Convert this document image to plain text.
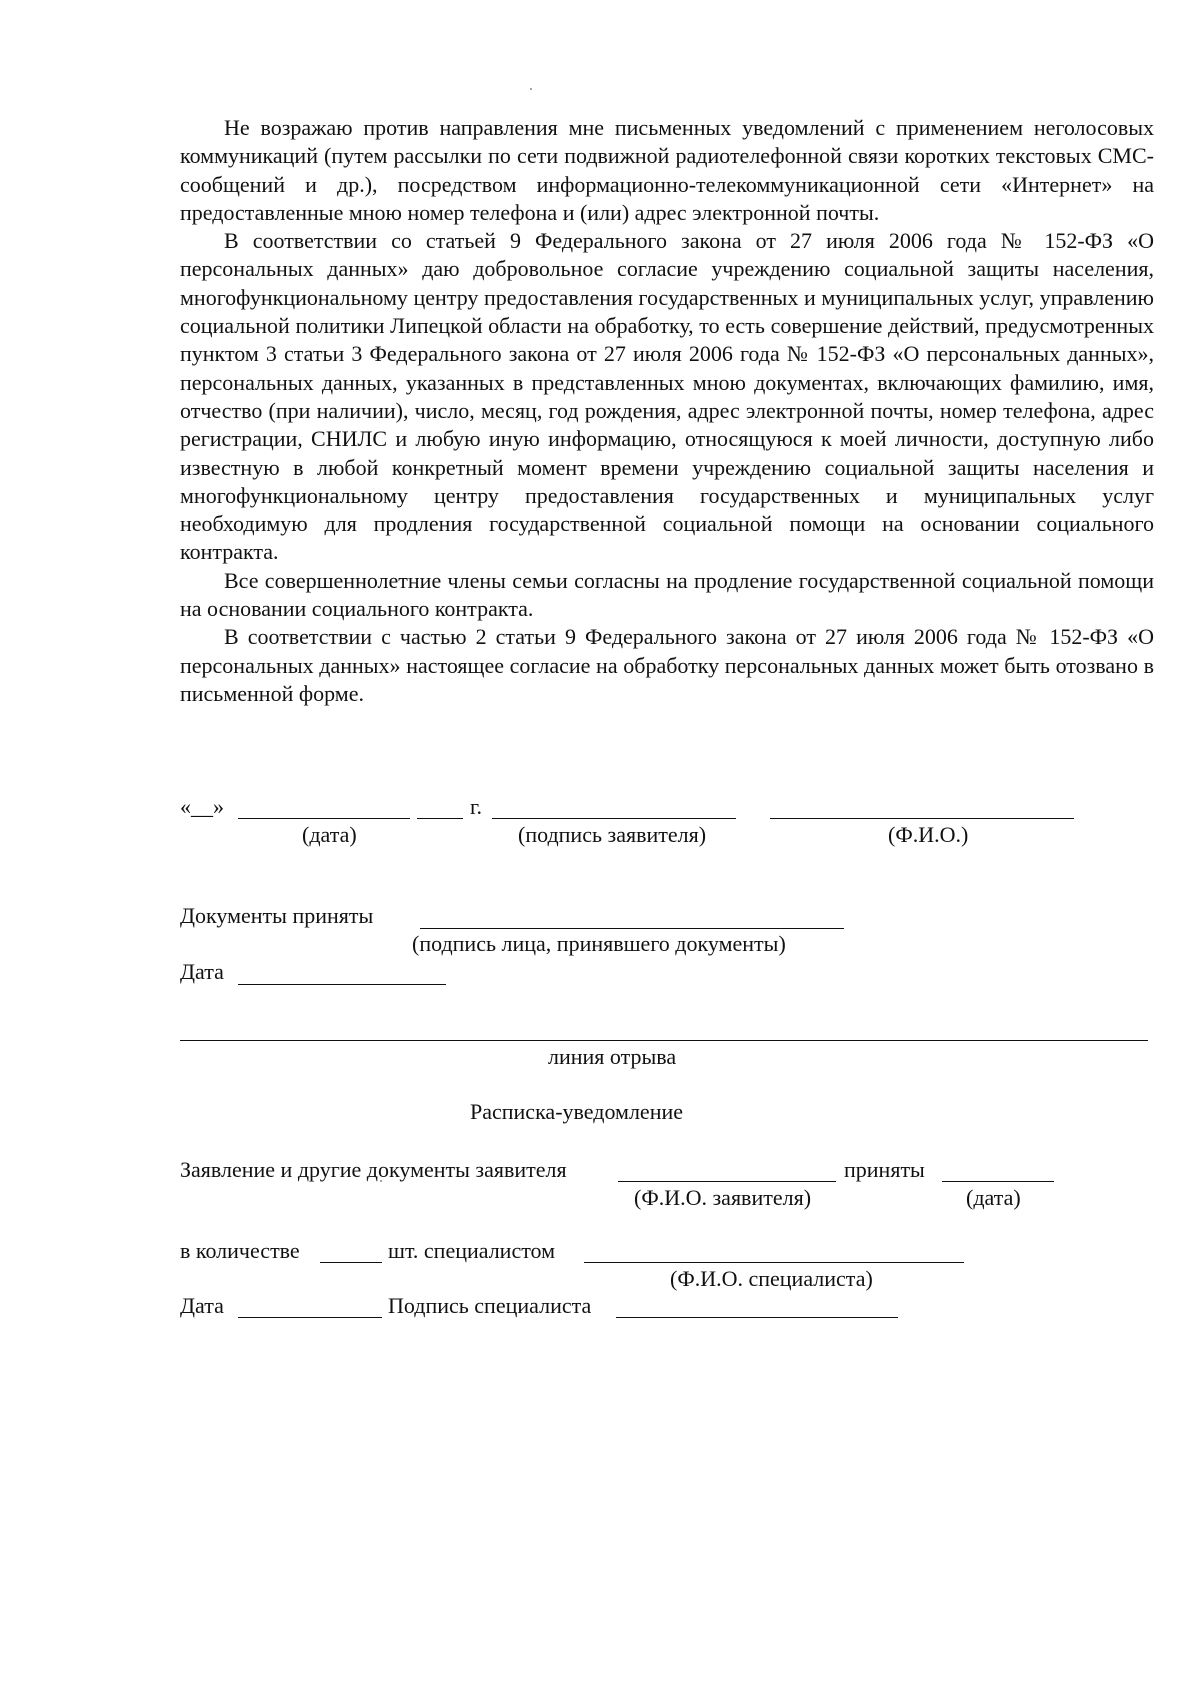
Не возражаю против направления мне письменных уведомлений с применением неголосовых коммуникаций (путем рассылки по сети подвижной радиотелефонной связи коротких текстовых СМС-сообщений и др.), посредством информационно-телекоммуникационной сети «Интернет» на предоставленные мною номер телефона и (или) адрес электронной почты.

В соответствии со статьей 9 Федерального закона от 27 июля 2006 года № 152-ФЗ «О персональных данных» даю добровольное согласие учреждению социальной защиты населения, многофункциональному центру предоставления государственных и муниципальных услуг, управлению социальной политики Липецкой области на обработку, то есть совершение действий, предусмотренных пунктом 3 статьи 3 Федерального закона от 27 июля 2006 года № 152-ФЗ «О персональных данных», персональных данных, указанных в представленных мною документах, включающих фамилию, имя, отчество (при наличии), число, месяц, год рождения, адрес электронной почты, номер телефона, адрес регистрации, СНИЛС и любую иную информацию, относящуюся к моей личности, доступную либо известную в любой конкретный момент времени учреждению социальной защиты населения и многофункциональному центру предоставления государственных и муниципальных услуг необходимую для продления государственной социальной помощи на основании социального контракта.

Все совершеннолетние члены семьи согласны на продление государственной социальной помощи на основании социального контракта.

В соответствии с частью 2 статьи 9 Федерального закона от 27 июля 2006 года № 152-ФЗ «О персональных данных» настоящее согласие на обработку персональных данных может быть отозвано в письменной форме.

«__»	г.
(дата)	(подпись заявителя)	(Ф.И.О.)
Документы приняты
(подпись лица, принявшего документы)
Дата
линия отрыва
Расписка-уведомление
Заявление и другие документы заявителя	приняты
(Ф.И.О. заявителя)	(дата)
в количестве	шт. специалистом
(Ф.И.О. специалиста)
Дата	Подпись специалиста
